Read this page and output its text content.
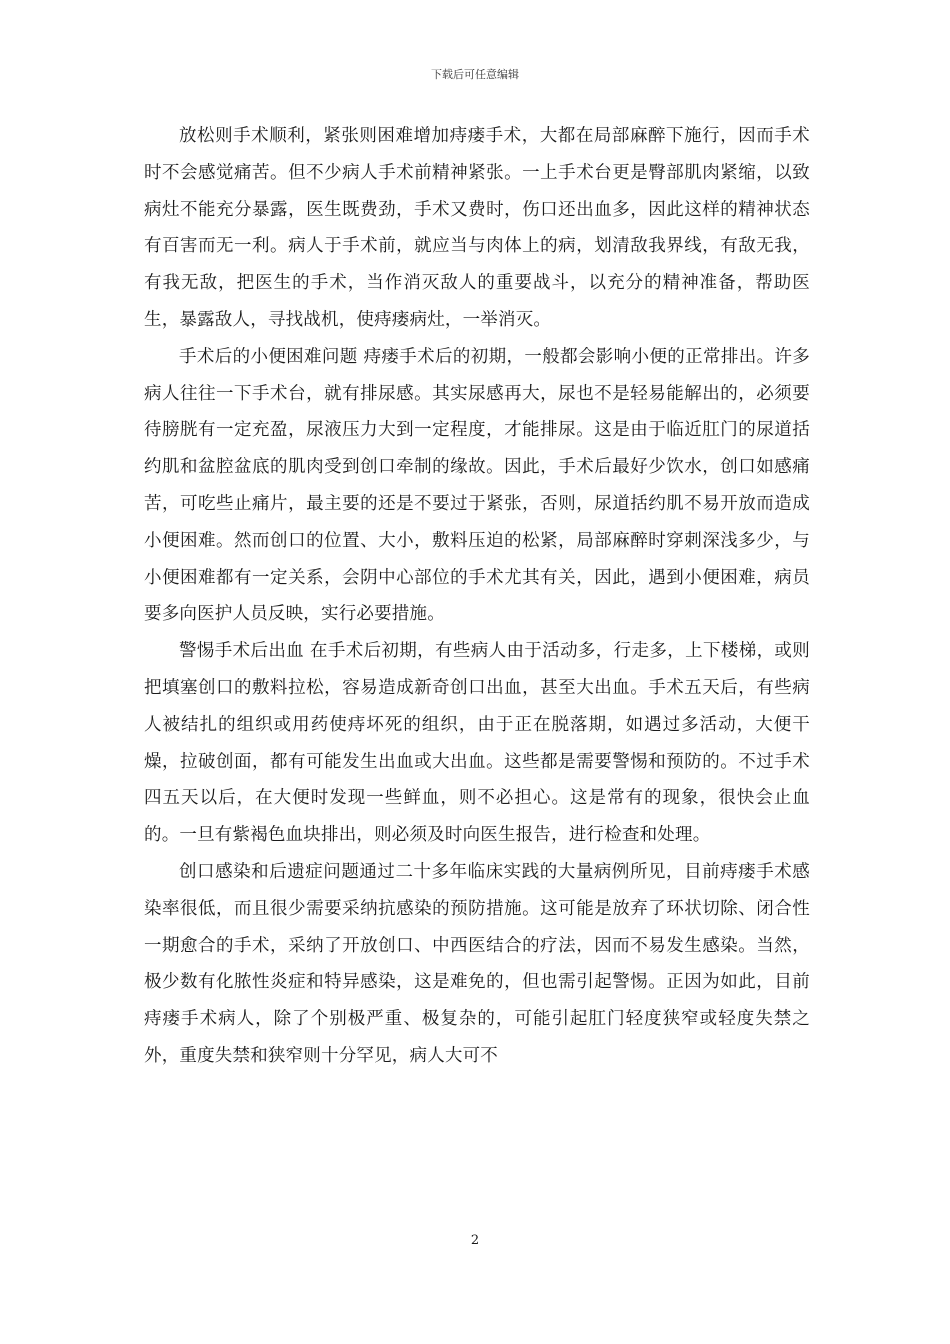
下载后可任意编辑

放松则手术顺利，紧张则困难增加痔瘘手术，大都在局部麻醉下施行，因而手术时不会感觉痛苦。但不少病人手术前精神紧张。一上手术台更是臀部肌肉紧缩，以致病灶不能充分暴露，医生既费劲，手术又费时，伤口还出血多，因此这样的精神状态有百害而无一利。病人于手术前，就应当与肉体上的病，划清敌我界线，有敌无我，有我无敌，把医生的手术，当作消灭敌人的重要战斗，以充分的精神准备，帮助医生，暴露敌人，寻找战机，使痔瘘病灶，一举消灭。

手术后的小便困难问题 痔瘘手术后的初期，一般都会影响小便的正常排出。许多病人往往一下手术台，就有排尿感。其实尿感再大，尿也不是轻易能解出的，必须要待膀胱有一定充盈，尿液压力大到一定程度，才能排尿。这是由于临近肛门的尿道括约肌和盆腔盆底的肌肉受到创口牵制的缘故。因此，手术后最好少饮水，创口如感痛苦，可吃些止痛片，最主要的还是不要过于紧张，否则，尿道括约肌不易开放而造成小便困难。然而创口的位置、大小，敷料压迫的松紧，局部麻醉时穿刺深浅多少，与小便困难都有一定关系，会阴中心部位的手术尤其有关，因此，遇到小便困难，病员要多向医护人员反映，实行必要措施。

警惕手术后出血 在手术后初期，有些病人由于活动多，行走多，上下楼梯，或则把填塞创口的敷料拉松，容易造成新奇创口出血，甚至大出血。手术五天后，有些病人被结扎的组织或用药使痔坏死的组织，由于正在脱落期，如遇过多活动，大便干燥，拉破创面，都有可能发生出血或大出血。这些都是需要警惕和预防的。不过手术四五天以后，在大便时发现一些鲜血，则不必担心。这是常有的现象，很快会止血的。一旦有紫褐色血块排出，则必须及时向医生报告，进行检查和处理。

创口感染和后遗症问题通过二十多年临床实践的大量病例所见，目前痔瘘手术感染率很低，而且很少需要采纳抗感染的预防措施。这可能是放弃了环状切除、闭合性一期愈合的手术，采纳了开放创口、中西医结合的疗法，因而不易发生感染。当然，极少数有化脓性炎症和特异感染，这是难免的，但也需引起警惕。正因为如此，目前痔瘘手术病人，除了个别极严重、极复杂的，可能引起肛门轻度狭窄或轻度失禁之外，重度失禁和狭窄则十分罕见，病人大可不

2
